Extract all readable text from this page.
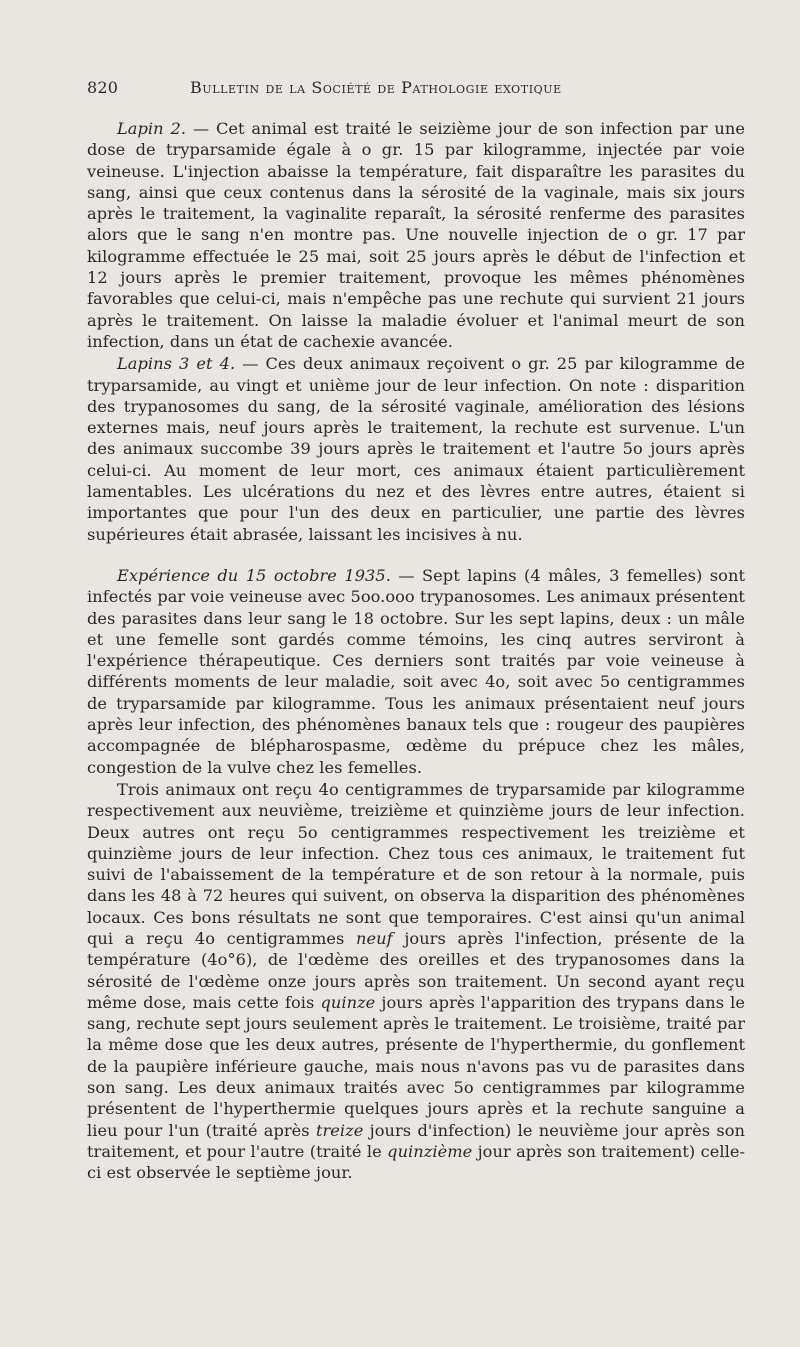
820	Bulletin de la Société de Pathologie exotique

Lapin 2. — Cet animal est traité le seizième jour de son infection par une dose de tryparsamide égale à o gr. 15 par kilogramme, injectée par voie veineuse. L'injection abaisse la température, fait disparaître les parasites du sang, ainsi que ceux contenus dans la sérosité de la vaginale, mais six jours après le traitement, la vaginalite reparaît, la sérosité renferme des parasites alors que le sang n'en montre pas. Une nouvelle injection de o gr. 17 par kilogramme effectuée le 25 mai, soit 25 jours après le début de l'infection et 12 jours après le premier traitement, provoque les mêmes phénomènes favorables que celui-ci, mais n'empêche pas une rechute qui survient 21 jours après le traitement. On laisse la maladie évoluer et l'animal meurt de son infection, dans un état de cachexie avancée.

Lapins 3 et 4. — Ces deux animaux reçoivent o gr. 25 par kilogramme de tryparsamide, au vingt et unième jour de leur infection. On note : disparition des trypanosomes du sang, de la sérosité vaginale, amélioration des lésions externes mais, neuf jours après le traitement, la rechute est survenue. L'un des animaux succombe 39 jours après le traitement et l'autre 5o jours après celui-ci. Au moment de leur mort, ces animaux étaient particulièrement lamentables. Les ulcérations du nez et des lèvres entre autres, étaient si importantes que pour l'un des deux en particulier, une partie des lèvres supérieures était abrasée, laissant les incisives à nu.

Expérience du 15 octobre 1935. — Sept lapins (4 mâles, 3 femelles) sont infectés par voie veineuse avec 5oo.ooo trypanosomes. Les animaux présentent des parasites dans leur sang le 18 octobre. Sur les sept lapins, deux : un mâle et une femelle sont gardés comme témoins, les cinq autres serviront à l'expérience thérapeutique. Ces derniers sont traités par voie veineuse à différents moments de leur maladie, soit avec 4o, soit avec 5o centigrammes de tryparsamide par kilogramme. Tous les animaux présentaient neuf jours après leur infection, des phénomènes banaux tels que : rougeur des paupières accompagnée de blépharospasme, œdème du prépuce chez les mâles, congestion de la vulve chez les femelles.

Trois animaux ont reçu 4o centigrammes de tryparsamide par kilogramme respectivement aux neuvième, treizième et quinzième jours de leur infection. Deux autres ont reçu 5o centigrammes respectivement les treizième et quinzième jours de leur infection. Chez tous ces animaux, le traitement fut suivi de l'abaissement de la température et de son retour à la normale, puis dans les 48 à 72 heures qui suivent, on observa la disparition des phénomènes locaux. Ces bons résultats ne sont que temporaires. C'est ainsi qu'un animal qui a reçu 4o centigrammes neuf jours après l'infection, présente de la température (4o°6), de l'œdème des oreilles et des trypanosomes dans la sérosité de l'œdème onze jours après son traitement. Un second ayant reçu même dose, mais cette fois quinze jours après l'apparition des trypans dans le sang, rechute sept jours seulement après le traitement. Le troisième, traité par la même dose que les deux autres, présente de l'hyperthermie, du gonflement de la paupière inférieure gauche, mais nous n'avons pas vu de parasites dans son sang. Les deux animaux traités avec 5o centigrammes par kilogramme présentent de l'hyperthermie quelques jours après et la rechute sanguine a lieu pour l'un (traité après treize jours d'infection) le neuvième jour après son traitement, et pour l'autre (traité le quinzième jour après son traitement) celle-ci est observée le septième jour.
